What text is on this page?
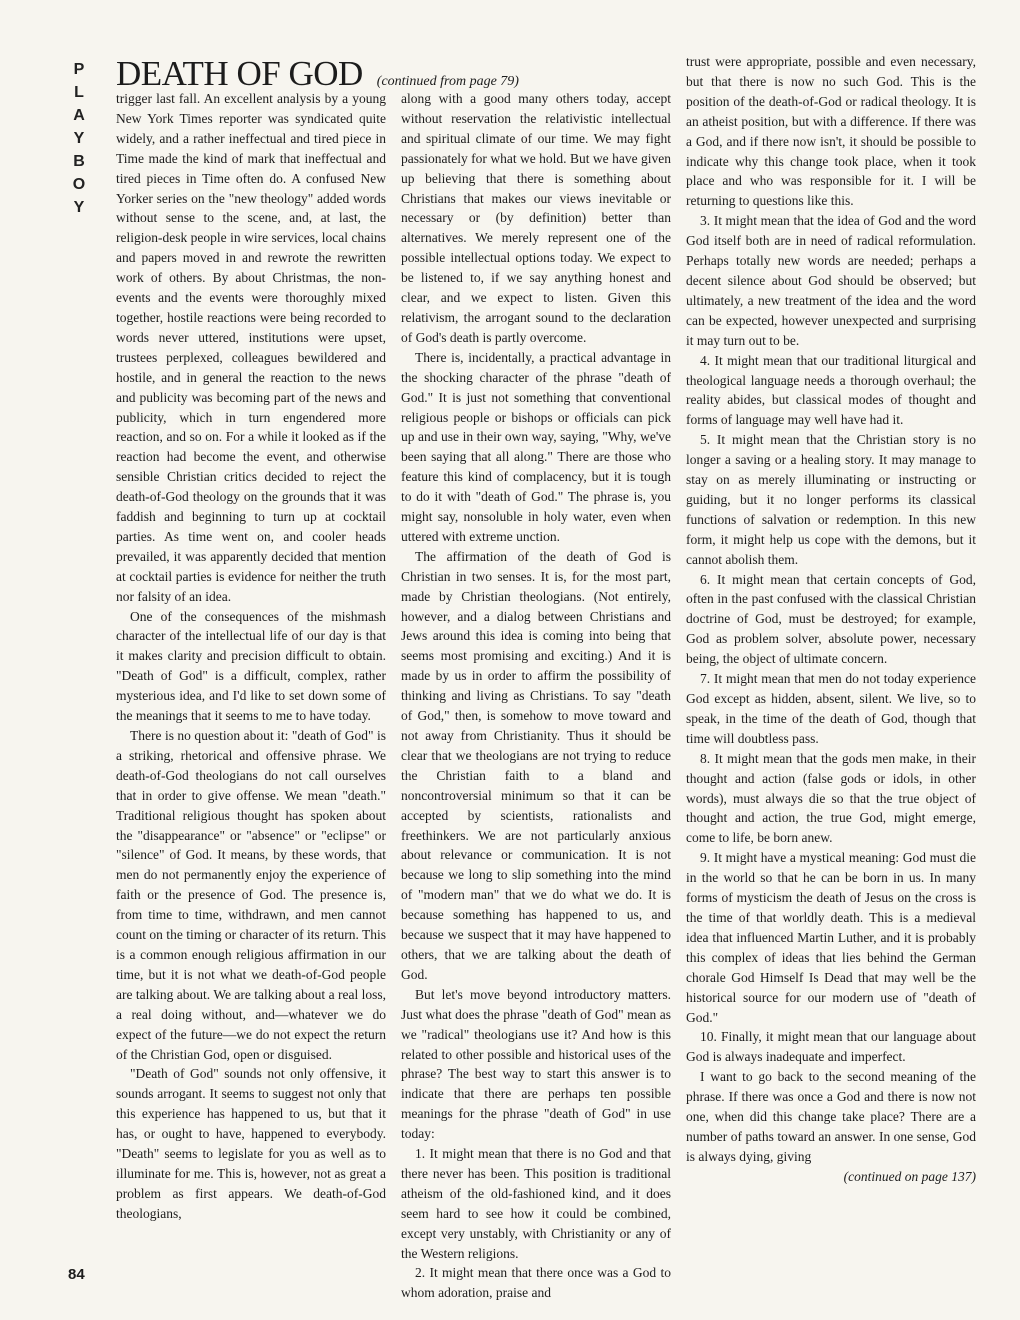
P
L
A
Y
B
O
Y
DEATH OF GOD (continued from page 79)

trigger last fall. An excellent analysis by a young New York Times reporter was syndicated quite widely, and a rather ineffectual and tired piece in Time made the kind of mark that ineffectual and tired pieces in Time often do. A confused New Yorker series on the "new theology" added words without sense to the scene, and, at last, the religion-desk people in wire services, local chains and papers moved in and rewrote the rewritten work of others. By about Christmas, the non-events and the events were thoroughly mixed together, hostile reactions were being recorded to words never uttered, institutions were upset, trustees perplexed, colleagues bewildered and hostile, and in general the reaction to the news and publicity was becoming part of the news and publicity, which in turn engendered more reaction, and so on. For a while it looked as if the reaction had become the event, and otherwise sensible Christian critics decided to reject the death-of-God theology on the grounds that it was faddish and beginning to turn up at cocktail parties. As time went on, and cooler heads prevailed, it was apparently decided that mention at cocktail parties is evidence for neither the truth nor falsity of an idea.

One of the consequences of the mishmash character of the intellectual life of our day is that it makes clarity and precision difficult to obtain. "Death of God" is a difficult, complex, rather mysterious idea, and I'd like to set down some of the meanings that it seems to me to have today.

There is no question about it: "death of God" is a striking, rhetorical and offensive phrase. We death-of-God theologians do not call ourselves that in order to give offense. We mean "death." Traditional religious thought has spoken about the "disappearance" or "absence" or "eclipse" or "silence" of God. It means, by these words, that men do not permanently enjoy the experience of faith or the presence of God. The presence is, from time to time, withdrawn, and men cannot count on the timing or character of its return. This is a common enough religious affirmation in our time, but it is not what we death-of-God people are talking about. We are talking about a real loss, a real doing without, and—whatever we do expect of the future—we do not expect the return of the Christian God, open or disguised.

"Death of God" sounds not only offensive, it sounds arrogant. It seems to suggest not only that this experience has happened to us, but that it has, or ought to have, happened to everybody. "Death" seems to legislate for you as well as to illuminate for me. This is, however, not as great a problem as first appears. We death-of-God theologians,

along with a good many others today, accept without reservation the relativistic intellectual and spiritual climate of our time. We may fight passionately for what we hold. But we have given up believing that there is something about Christians that makes our views inevitable or necessary or (by definition) better than alternatives. We merely represent one of the possible intellectual options today. We expect to be listened to, if we say anything honest and clear, and we expect to listen. Given this relativism, the arrogant sound to the declaration of God's death is partly overcome.

There is, incidentally, a practical advantage in the shocking character of the phrase "death of God." It is just not something that conventional religious people or bishops or officials can pick up and use in their own way, saying, "Why, we've been saying that all along." There are those who feature this kind of complacency, but it is tough to do it with "death of God." The phrase is, you might say, nonsoluble in holy water, even when uttered with extreme unction.

The affirmation of the death of God is Christian in two senses. It is, for the most part, made by Christian theologians. (Not entirely, however, and a dialog between Christians and Jews around this idea is coming into being that seems most promising and exciting.) And it is made by us in order to affirm the possibility of thinking and living as Christians. To say "death of God," then, is somehow to move toward and not away from Christianity. Thus it should be clear that we theologians are not trying to reduce the Christian faith to a bland and noncontroversial minimum so that it can be accepted by scientists, rationalists and freethinkers. We are not particularly anxious about relevance or communication. It is not because we long to slip something into the mind of "modern man" that we do what we do. It is because something has happened to us, and because we suspect that it may have happened to others, that we are talking about the death of God.

But let's move beyond introductory matters. Just what does the phrase "death of God" mean as we "radical" theologians use it? And how is this related to other possible and historical uses of the phrase? The best way to start this answer is to indicate that there are perhaps ten possible meanings for the phrase "death of God" in use today:

1. It might mean that there is no God and that there never has been. This position is traditional atheism of the old-fashioned kind, and it does seem hard to see how it could be combined, except very unstably, with Christianity or any of the Western religions.

2. It might mean that there once was a God to whom adoration, praise and

trust were appropriate, possible and even necessary, but that there is now no such God. This is the position of the death-of-God or radical theology. It is an atheist position, but with a difference. If there was a God, and if there now isn't, it should be possible to indicate why this change took place, when it took place and who was responsible for it. I will be returning to questions like this.

3. It might mean that the idea of God and the word God itself both are in need of radical reformulation. Perhaps totally new words are needed; perhaps a decent silence about God should be observed; but ultimately, a new treatment of the idea and the word can be expected, however unexpected and surprising it may turn out to be.

4. It might mean that our traditional liturgical and theological language needs a thorough overhaul; the reality abides, but classical modes of thought and forms of language may well have had it.

5. It might mean that the Christian story is no longer a saving or a healing story. It may manage to stay on as merely illuminating or instructing or guiding, but it no longer performs its classical functions of salvation or redemption. In this new form, it might help us cope with the demons, but it cannot abolish them.

6. It might mean that certain concepts of God, often in the past confused with the classical Christian doctrine of God, must be destroyed; for example, God as problem solver, absolute power, necessary being, the object of ultimate concern.

7. It might mean that men do not today experience God except as hidden, absent, silent. We live, so to speak, in the time of the death of God, though that time will doubtless pass.

8. It might mean that the gods men make, in their thought and action (false gods or idols, in other words), must always die so that the true object of thought and action, the true God, might emerge, come to life, be born anew.

9. It might have a mystical meaning: God must die in the world so that he can be born in us. In many forms of mysticism the death of Jesus on the cross is the time of that worldly death. This is a medieval idea that influenced Martin Luther, and it is probably this complex of ideas that lies behind the German chorale God Himself Is Dead that may well be the historical source for our modern use of "death of God."

10. Finally, it might mean that our language about God is always inadequate and imperfect.

I want to go back to the second meaning of the phrase. If there was once a God and there is now not one, when did this change take place? There are a number of paths toward an answer. In one sense, God is always dying, giving

(continued on page 137)
84
